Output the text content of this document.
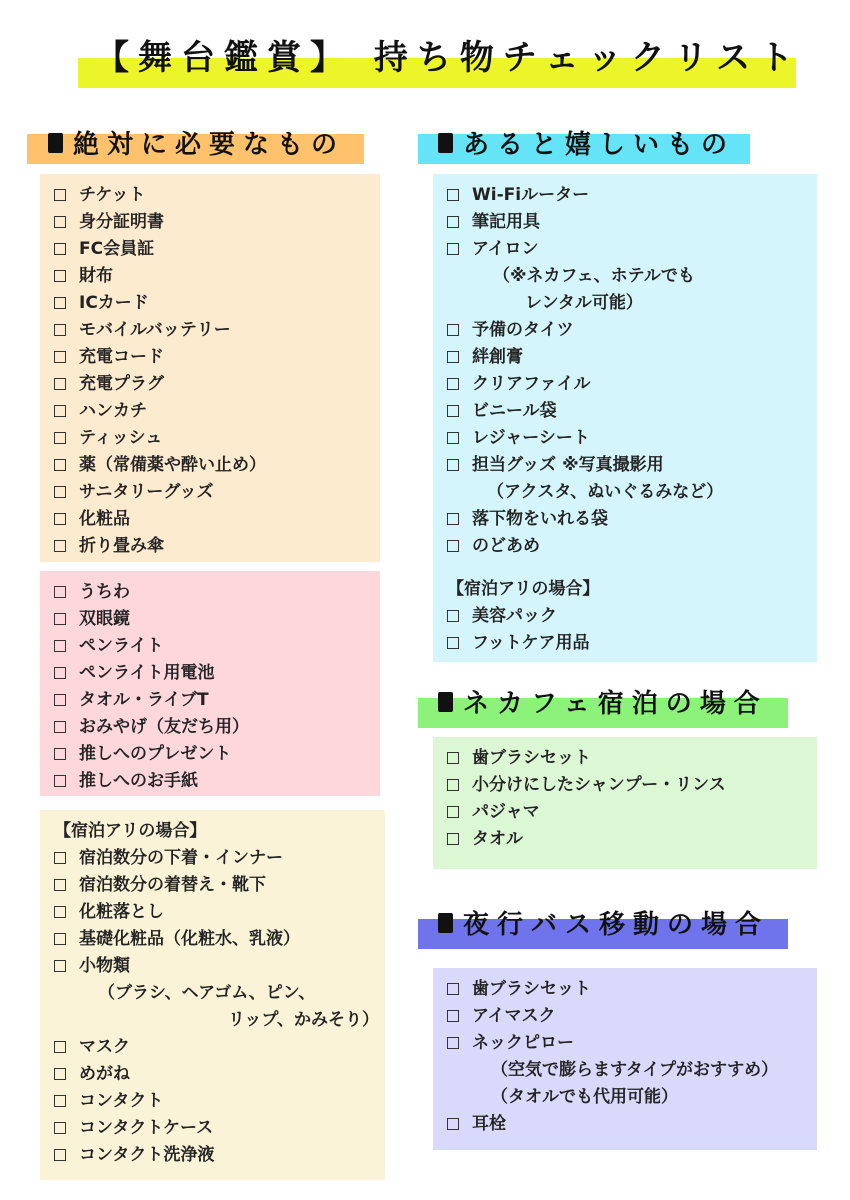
【舞台鑑賞】 持ち物チェックリスト
絶対に必要なもの
チケット
身分証明書
FC会員証
財布
ICカード
モバイルバッテリー
充電コード
充電プラグ
ハンカチ
ティッシュ
薬（常備薬や酔い止め）
サニタリーグッズ
化粧品
折り畳み傘
うちわ
双眼鏡
ペンライト
ペンライト用電池
タオル・ライブT
おみやげ（友だち用）
推しへのプレゼント
推しへのお手紙
【宿泊アリの場合】
宿泊数分の下着・インナー
宿泊数分の着替え・靴下
化粧落とし
基礎化粧品（化粧水、乳液）
小物類
（ブラシ、ヘアゴム、ピン、
リップ、かみそり）
マスク
めがね
コンタクト
コンタクトケース
コンタクト洗浄液
あると嬉しいもの
Wi-Fiルーター
筆記用具
アイロン
（※ネカフェ、ホテルでも
レンタル可能）
予備のタイツ
絆創膏
クリアファイル
ビニール袋
レジャーシート
担当グッズ ※写真撮影用
（アクスタ、ぬいぐるみなど）
落下物をいれる袋
のどあめ
【宿泊アリの場合】
美容パック
フットケア用品
ネカフェ宿泊の場合
歯ブラシセット
小分けにしたシャンプー・リンス
パジャマ
タオル
夜行バス移動の場合
歯ブラシセット
アイマスク
ネックピロー
（空気で膨らますタイプがおすすめ）
（タオルでも代用可能）
耳栓
